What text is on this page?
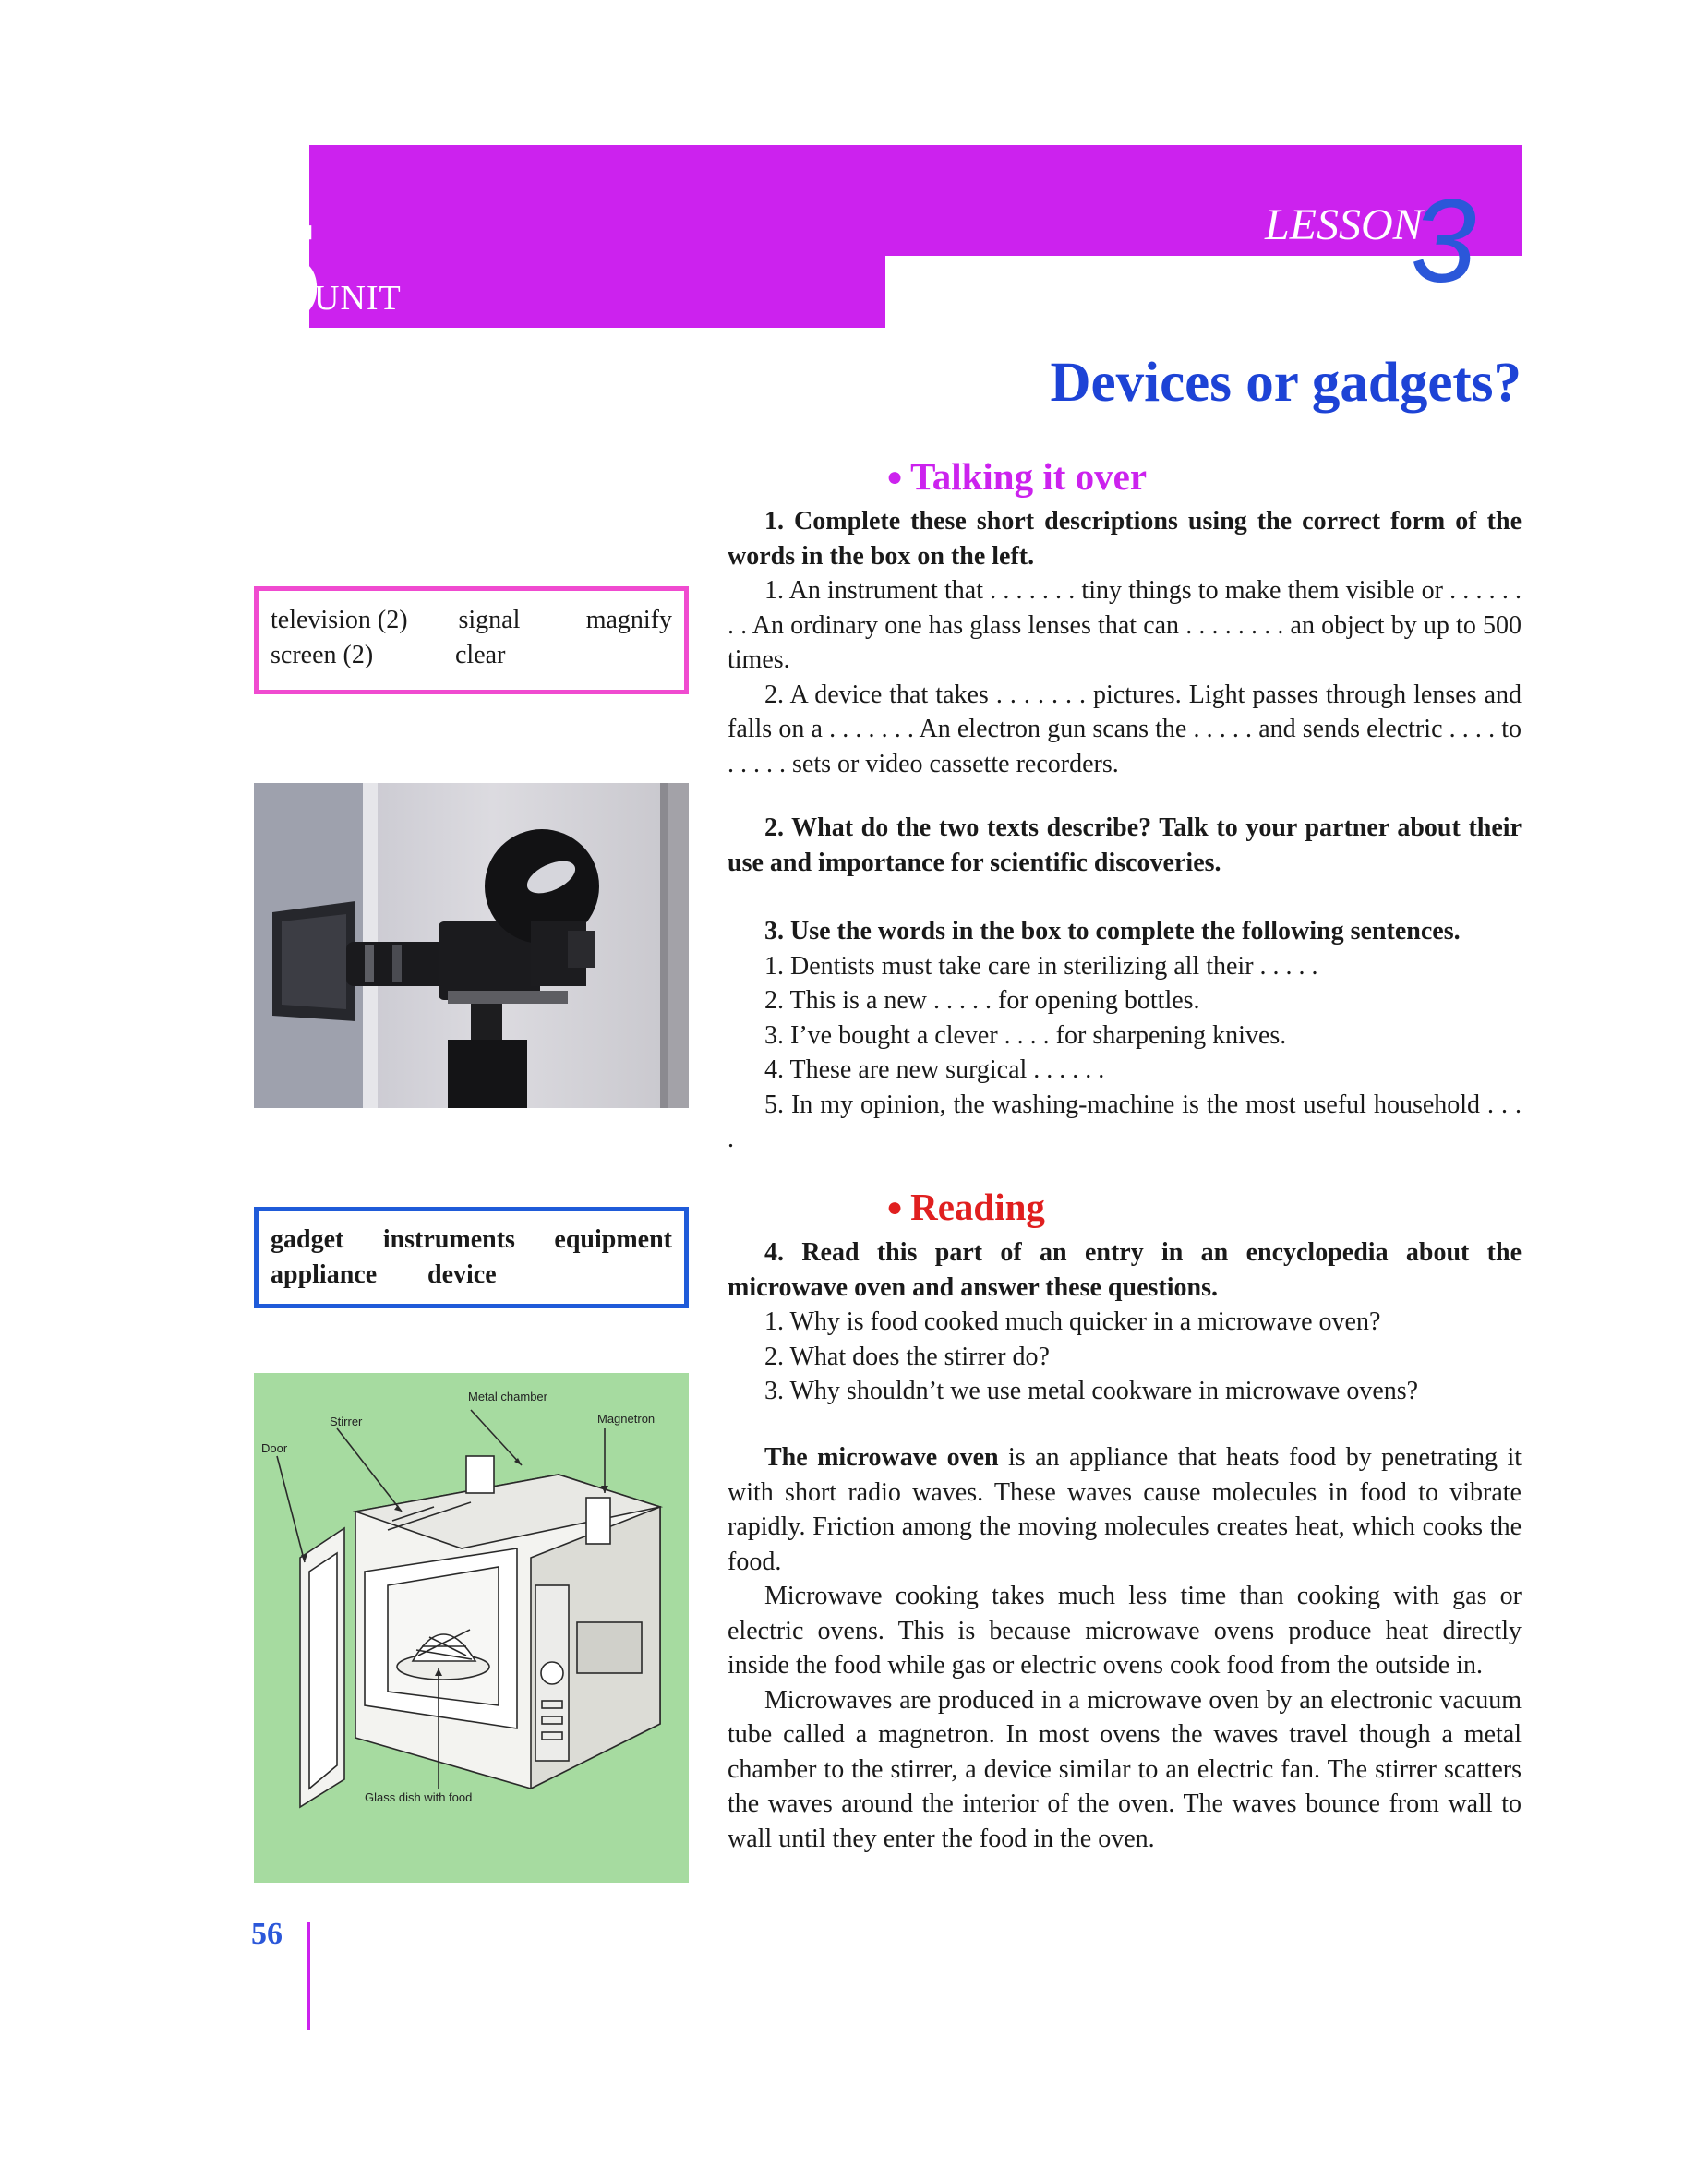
5
UNIT
LESSON
3
Devices or gadgets?
● Talking it over

1. Complete these short descriptions using the correct form of the words in the box on the left.

1. An instrument that . . . . . . . tiny things to make them visible or . . . . . . . . An ordinary one has glass lenses that can . . . . . . . . an object by up to 500 times.

2. A device that takes . . . . . . . pictures. Light passes through lenses and falls on a . . . . . . . An electron gun scans the . . . . . and sends electric . . . . to . . . . . sets or video cassette recorders.

2. What do the two texts describe? Talk to your partner about their use and importance for scientific discoveries.

3. Use the words in the box to complete the following sentences.

1. Dentists must take care in sterilizing all their . . . . .

2. This is a new . . . . . for opening bottles.

3. I’ve bought a clever . . . . for sharpening knives.

4. These are new surgical . . . . . .

5. In my opinion, the washing-machine is the most useful household . . . .

● Reading

4. Read this part of an entry in an encyclopedia about the microwave oven and answer these questions.

1. Why is food cooked much quicker in a microwave oven?

2. What does the stirrer do?

3. Why shouldn’t we use metal cookware in microwave ovens?

The microwave oven is an appliance that heats food by penetrating it with short radio waves. These waves cause molecules in food to vibrate rapidly. Friction among the moving molecules creates heat, which cooks the food.

Microwave cooking takes much less time than cooking with gas or electric ovens. This is because microwave ovens produce heat directly inside the food while gas or electric ovens cook food from the outside in.

Microwaves are produced in a microwave oven by an electronic vacuum tube called a magnetron. In most ovens the waves travel though a metal chamber to the stirrer, a device similar to an electric fan. The stirrer scatters the waves around the interior of the oven. The waves bounce from wall to wall until they enter the food in the oven.

television (2)	signal	magnify
screen (2)	clear
gadget instruments equipment
appliance	device
Metal chamber
Stirrer	Magnetron
Door
Glass dish with food
56
